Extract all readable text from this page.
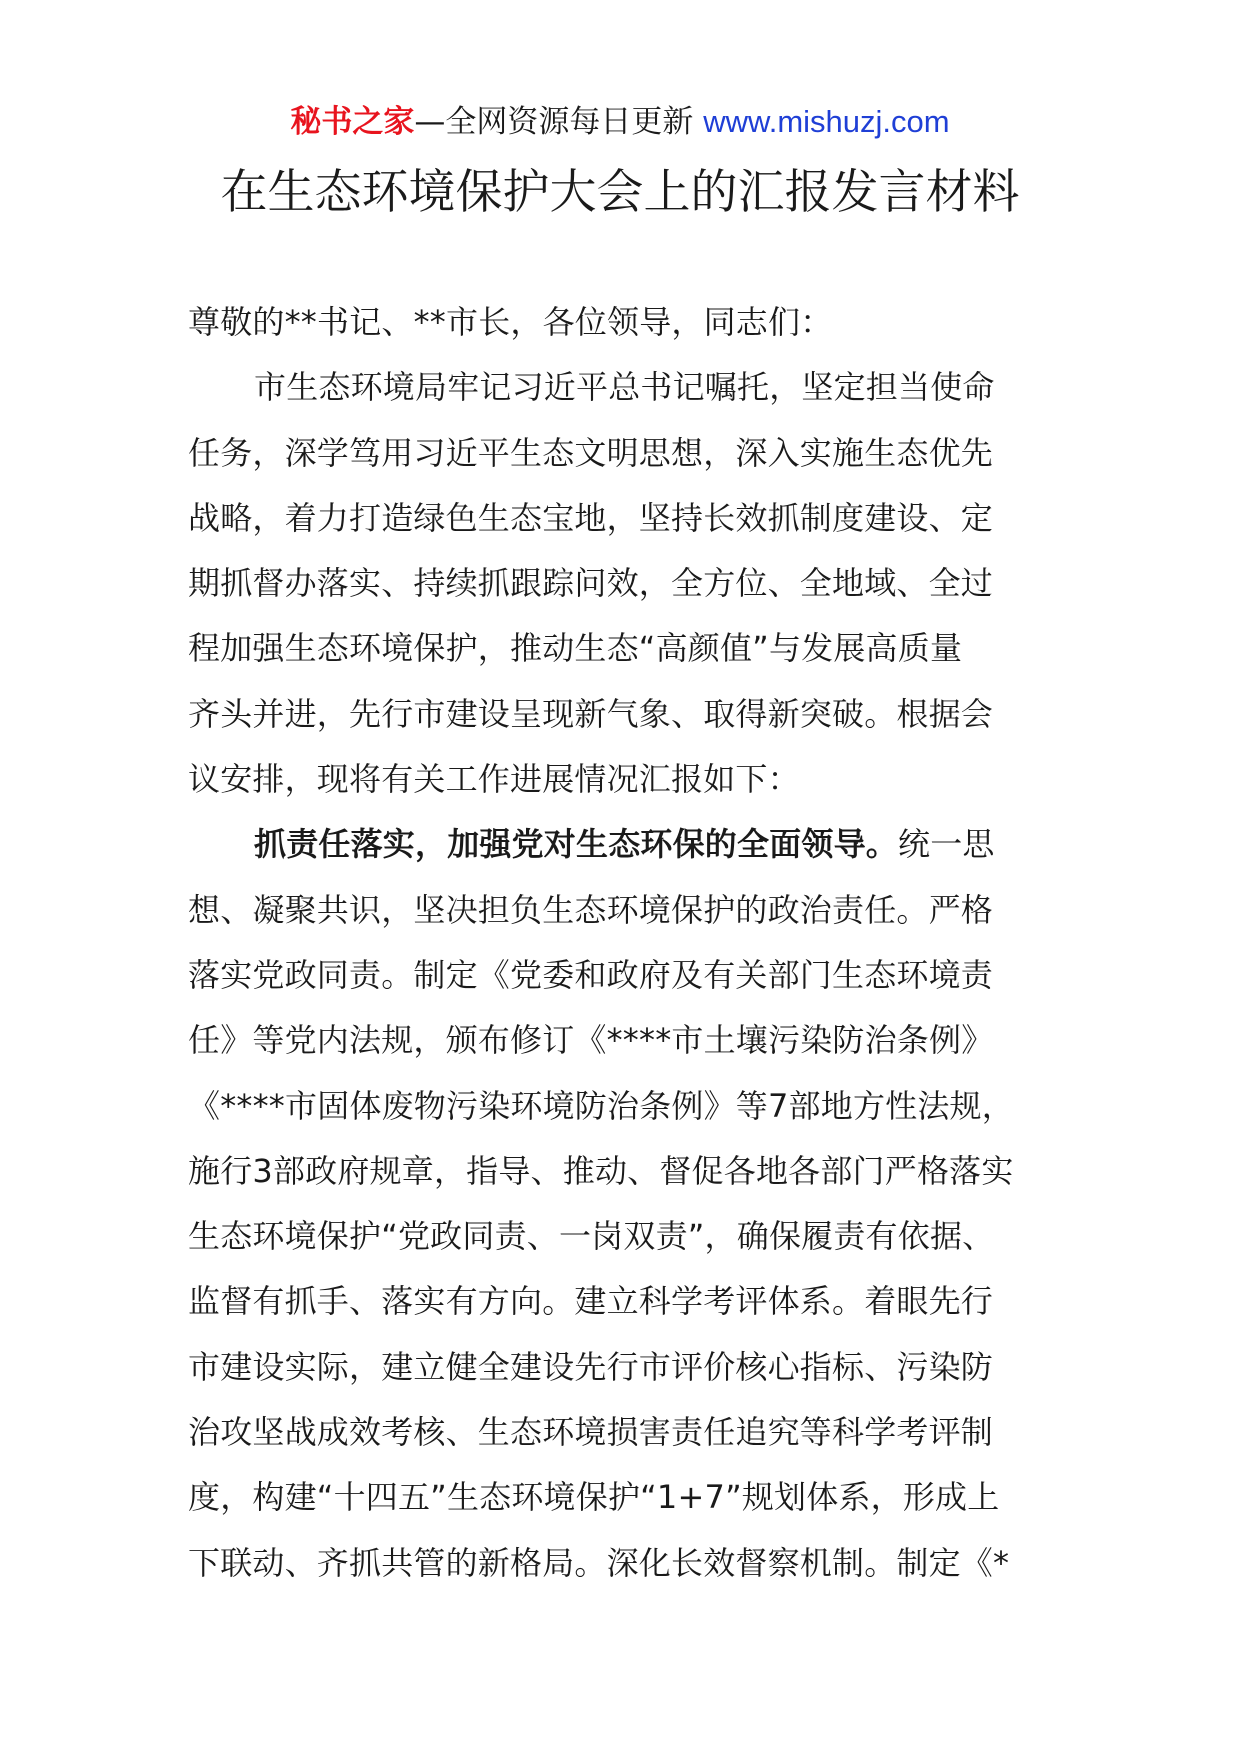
秘书之家—全网资源每日更新 www.mishuzj.com
在生态环境保护大会上的汇报发言材料
尊敬的**书记、**市长，各位领导，同志们：
市生态环境局牢记习近平总书记嘱托，坚定担当使命
任务，深学笃用习近平生态文明思想，深入实施生态优先
战略，着力打造绿色生态宝地，坚持长效抓制度建设、定
期抓督办落实、持续抓跟踪问效，全方位、全地域、全过
程加强生态环境保护，推动生态“高颜值”与发展高质量
齐头并进，先行市建设呈现新气象、取得新突破。根据会
议安排，现将有关工作进展情况汇报如下：
抓责任落实，加强党对生态环保的全面领导。统一思
想、凝聚共识，坚决担负生态环境保护的政治责任。严格
落实党政同责。制定《党委和政府及有关部门生态环境责
任》等党内法规，颁布修订《****市土壤污染防治条例》
《****市固体废物污染环境防治条例》等7部地方性法规，
施行3部政府规章，指导、推动、督促各地各部门严格落实
生态环境保护“党政同责、一岗双责”，确保履责有依据、
监督有抓手、落实有方向。建立科学考评体系。着眼先行
市建设实际，建立健全建设先行市评价核心指标、污染防
治攻坚战成效考核、生态环境损害责任追究等科学考评制
度，构建“十四五”生态环境保护“1+7”规划体系，形成上
下联动、齐抓共管的新格局。深化长效督察机制。制定《*
